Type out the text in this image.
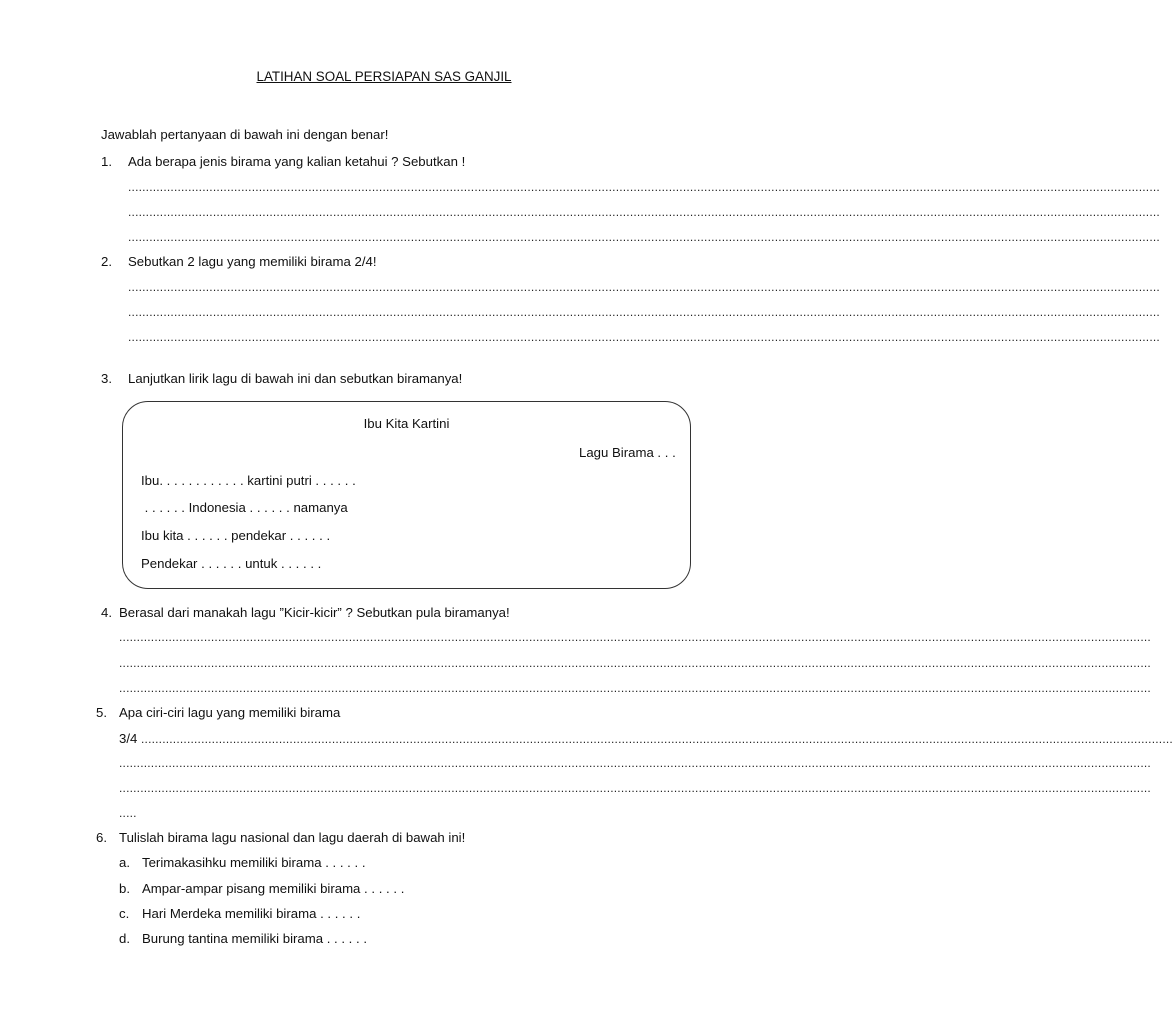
LATIHAN SOAL PERSIAPAN SAS GANJIL
Jawablah pertanyaan di bawah ini dengan benar!
1.	Ada berapa jenis birama yang kalian ketahui ? Sebutkan !
....................................................................................................................................................................................................................................................................................................
....................................................................................................................................................................................................................................................................................................
....................................................................................................................................................................................................................................................................................................
2.	Sebutkan 2 lagu yang memiliki birama 2/4!
....................................................................................................................................................................................................................................................................................................
....................................................................................................................................................................................................................................................................................................
....................................................................................................................................................................................................................................................................................................
3.	Lanjutkan lirik lagu di bawah ini dan sebutkan biramanya!
Ibu Kita Kartini
Lagu Birama . . .
Ibu. . . . . . . . . . . . kartini putri . . . . . .
. . . . . . Indonesia . . . . . . namanya
Ibu kita . . . . . . pendekar . . . . . .
Pendekar . . . . . . untuk . . . . . .
4. Berasal dari manakah lagu ”Kicir-kicir” ? Sebutkan pula biramanya!
....................................................................................................................................................................................................................................................................................................
....................................................................................................................................................................................................................................................................................................
....................................................................................................................................................................................................................................................................................................
5. Apa ciri-ciri lagu yang memiliki birama
3/4 ....................................................................................................................................................................................................................................................................................................
....................................................................................................................................................................................................................................................................................................
....................................................................................................................................................................................................................................................................................................
.....
6. Tulislah birama lagu nasional dan lagu daerah di bawah ini!
a. Terimakasihku memiliki birama . . . . . .
b. Ampar-ampar pisang memiliki birama . . . . . .
c. Hari Merdeka memiliki birama . . . . . .
d. Burung tantina memiliki birama . . . . . .
